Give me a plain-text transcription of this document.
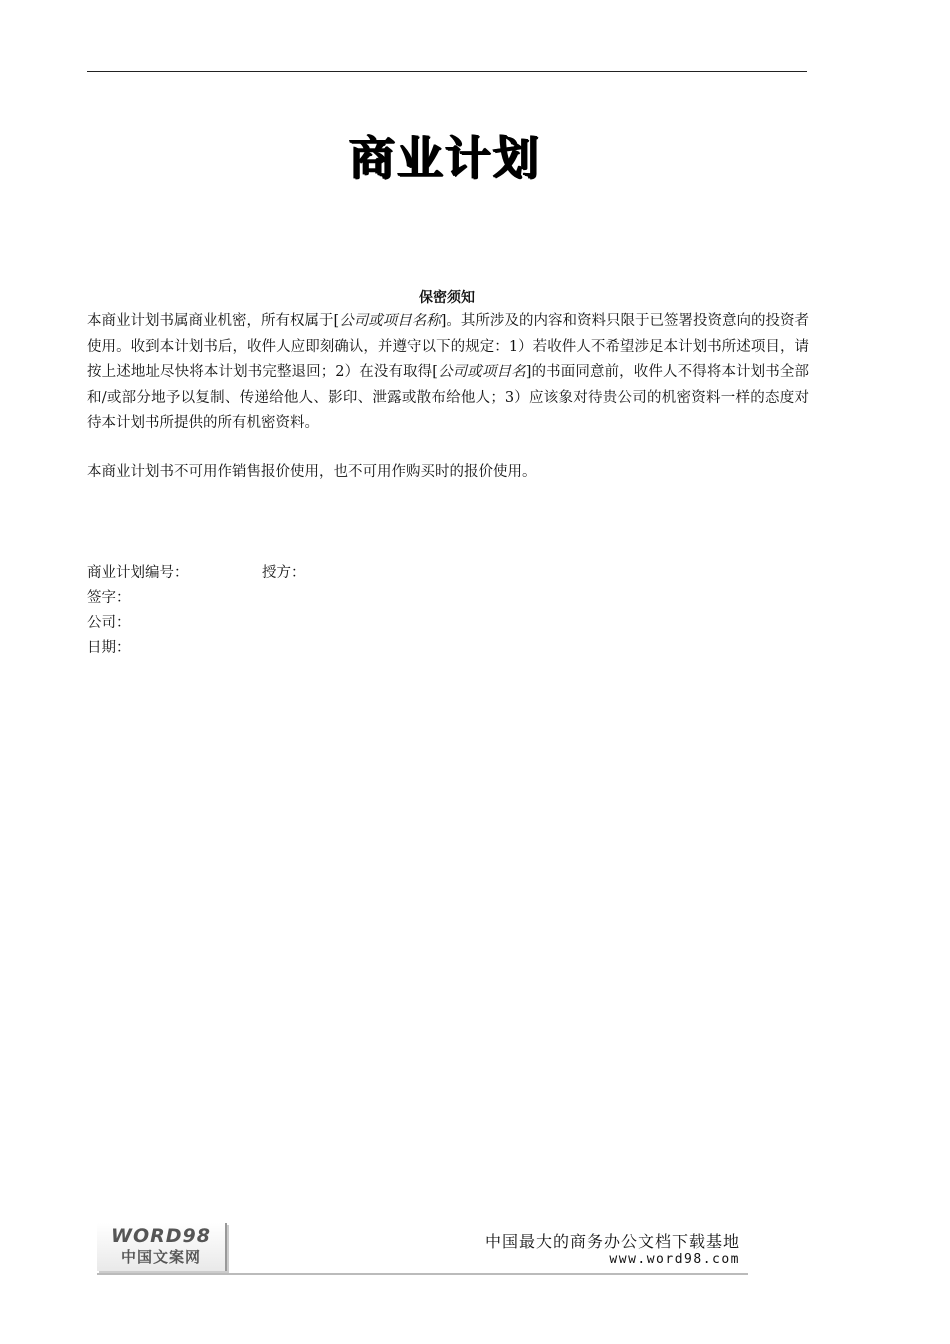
商业计划
保密须知

本商业计划书属商业机密，所有权属于[公司或项目名称]。其所涉及的内容和资料只限于已签署投资意向的投资者使用。收到本计划书后，收件人应即刻确认，并遵守以下的规定：1）若收件人不希望涉足本计划书所述项目，请按上述地址尽快将本计划书完整退回；2）在没有取得[公司或项目名]的书面同意前，收件人不得将本计划书全部和/或部分地予以复制、传递给他人、影印、泄露或散布给他人；3）应该象对待贵公司的机密资料一样的态度对待本计划书所提供的所有机密资料。

本商业计划书不可用作销售报价使用，也不可用作购买时的报价使用。

商业计划编号：	授方：

签字：

公司：

日期：

WORD98
中国文案网
中国最大的商务办公文档下载基地
www.word98.com
